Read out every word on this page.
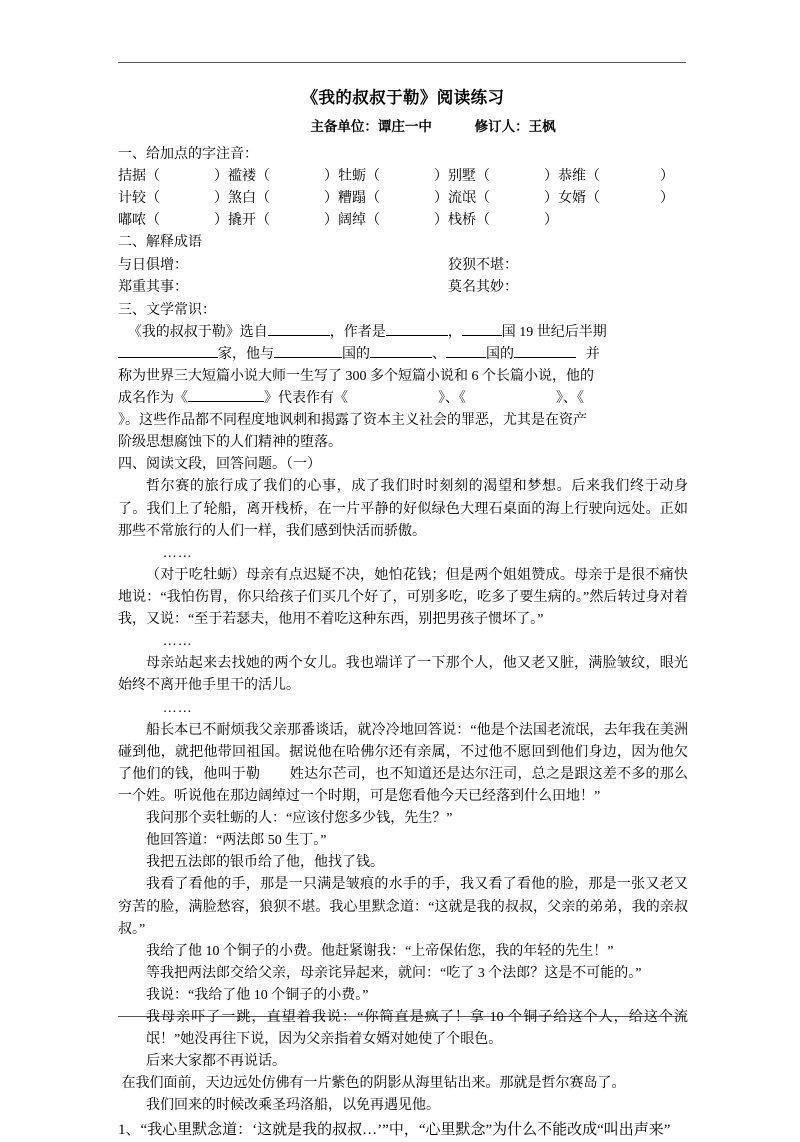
《我的叔叔于勒》阅读练习
主备单位：谭庄一中	修订人：王枫
一、给加点的字注音：
拮据（	）褴褛（	）牡蛎（	）别墅（	）恭维（	）
计较（	）煞白（	）糟蹋（	）流氓（	）女婿（	）
嘟哝（	）撬开（	）阔绰（	）栈桥（	）
二、解释成语
与日俱增：	狡狈不堪：
郑重其事：	莫名其妙：
三、文学常识：
《我的叔叔于勒》选自	，作者是	，	国 19 世纪后半期
家，他与	国的	、	国的	并
称为世界三大短篇小说大师一生写了 300 多个短篇小说和 6 个长篇小说，他的
成名作为《	》代表作有《	》、《	》、《
》。这些作品都不同程度地讽刺和揭露了资本主义社会的罪恶，尤其是在资产
阶级思想腐蚀下的人们精神的堕落。
四、阅读文段，回答问题。（一）
哲尔赛的旅行成了我们的心事，成了我们时时刻刻的渴望和梦想。后来我们终于动身了。我们上了轮船，离开栈桥，在一片平静的好似绿色大理石桌面的海上行驶向远处。正如那些不常旅行的人们一样，我们感到快活而骄傲。
……
（对于吃牡蛎）母亲有点迟疑不决，她怕花钱；但是两个姐姐赞成。母亲于是很不痛快地说：“我怕伤胃，你只给孩子们买几个好了，可别多吃，吃多了要生病的。”然后转过身对着我，又说：“至于若瑟夫，他用不着吃这种东西，别把男孩子惯坏了。”
……
母亲站起来去找她的两个女儿。我也端详了一下那个人，他又老又脏，满脸皱纹，眼光始终不离开他手里干的活儿。
……
船长本已不耐烦我父亲那番谈话，就冷冷地回答说：“他是个法国老流氓，去年我在美洲碰到他，就把他带回祖国。据说他在哈佛尔还有亲属，不过他不愿回到他们身边，因为他欠了他们的钱，他叫于勒 姓达尔芒司，也不知道还是达尔汪司，总之是跟这差不多的那么一个姓。听说他在那边阔绰过一个时期，可是您看他今天已经落到什么田地！”
我问那个卖牡蛎的人：“应该付您多少钱，先生？”
他回答道：“两法郎 50 生丁。”
我把五法郎的银币给了他，他找了钱。
我看了看他的手，那是一只满是皱痕的水手的手，我又看了看他的脸，那是一张又老又穷苦的脸，满脸愁容，狼狈不堪。我心里默念道：“这就是我的叔叔，父亲的弟弟，我的亲叔叔。”
我给了他 10 个铜子的小费。他赶紧谢我：“上帝保佑您，我的年轻的先生！”
等我把两法郎交给父亲，母亲诧异起来，就问：“吃了 3 个法郎？这是不可能的。”
我说：“我给了他 10 个铜子的小费。”
我母亲吓了一跳，直望着我说：“你简直是疯了！拿 10 个铜子给这个人，给这个流氓！”她没再往下说，因为父亲指着女婿对她使了个眼色。
后来大家都不再说话。
在我们面前，天边远处仿佛有一片紫色的阴影从海里钻出来。那就是哲尔赛岛了。
我们回来的时候改乘圣玛洛船，以免再遇见他。
1、“我心里默念道：‘这就是我的叔叔…’”中，“心里默念”为什么不能改成“叫出声来”
